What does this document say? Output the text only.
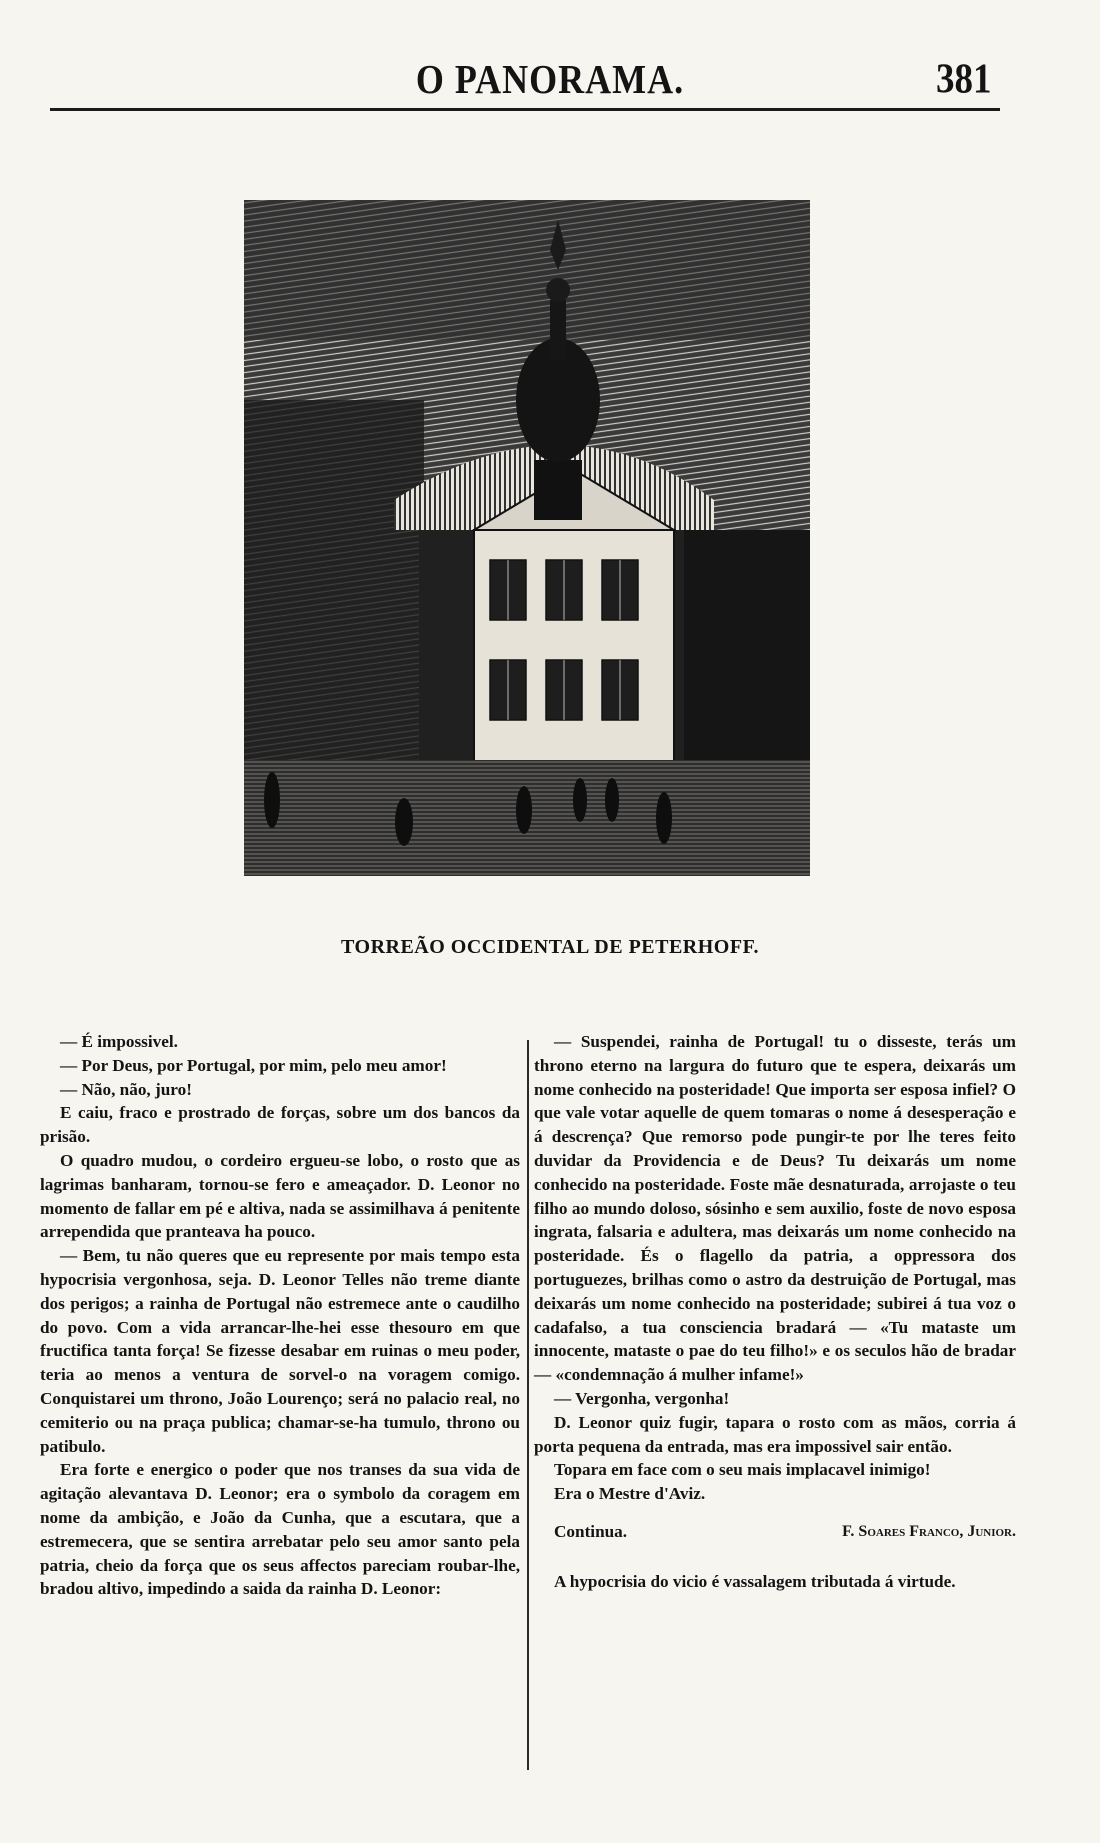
O PANORAMA.	381
TORREÃO OCCIDENTAL DE PETERHOFF.

— É impossivel.

— Por Deus, por Portugal, por mim, pelo meu amor!

— Não, não, juro!

E caiu, fraco e prostrado de forças, sobre um dos bancos da prisão.

O quadro mudou, o cordeiro ergueu-se lobo, o rosto que as lagrimas banharam, tornou-se fero e ameaçador. D. Leonor no momento de fallar em pé e altiva, nada se assimilhava á penitente arrependida que pranteava ha pouco.

— Bem, tu não queres que eu represente por mais tempo esta hypocrisia vergonhosa, seja. D. Leonor Telles não treme diante dos perigos; a rainha de Portugal não estremece ante o caudilho do povo. Com a vida arrancar-lhe-hei esse thesouro em que fructifica tanta força! Se fizesse desabar em ruinas o meu poder, teria ao menos a ventura de sorvel-o na voragem comigo. Conquistarei um throno, João Lourenço; será no palacio real, no cemiterio ou na praça publica; chamar-se-ha tumulo, throno ou patibulo.

Era forte e energico o poder que nos transes da sua vida de agitação alevantava D. Leonor; era o symbolo da coragem em nome da ambição, e João da Cunha, que a escutara, que a estremecera, que se sentira arrebatar pelo seu amor santo pela patria, cheio da força que os seus affectos pareciam roubar-lhe, bradou altivo, impedindo a saida da rainha D. Leonor:

— Suspendei, rainha de Portugal! tu o disseste, terás um throno eterno na largura do futuro que te espera, deixarás um nome conhecido na posteridade! Que importa ser esposa infiel? O que vale votar aquelle de quem tomaras o nome á desesperação e á descrença? Que remorso pode pungir-te por lhe teres feito duvidar da Providencia e de Deus? Tu deixarás um nome conhecido na posteridade. Foste mãe desnaturada, arrojaste o teu filho ao mundo doloso, sósinho e sem auxilio, foste de novo esposa ingrata, falsaria e adultera, mas deixarás um nome conhecido na posteridade. És o flagello da patria, a oppressora dos portuguezes, brilhas como o astro da destruição de Portugal, mas deixarás um nome conhecido na posteridade; subirei á tua voz o cadafalso, a tua consciencia bradará — «Tu mataste um innocente, mataste o pae do teu filho!» e os seculos hão de bradar — «condemnação á mulher infame!»

— Vergonha, vergonha!

D. Leonor quiz fugir, tapara o rosto com as mãos, corria á porta pequena da entrada, mas era impossivel sair então.

Topara em face com o seu mais implacavel inimigo!

Era o Mestre d'Aviz.

Continua.	F. Soares Franco, Junior.

A hypocrisia do vicio é vassalagem tributada á virtude.
